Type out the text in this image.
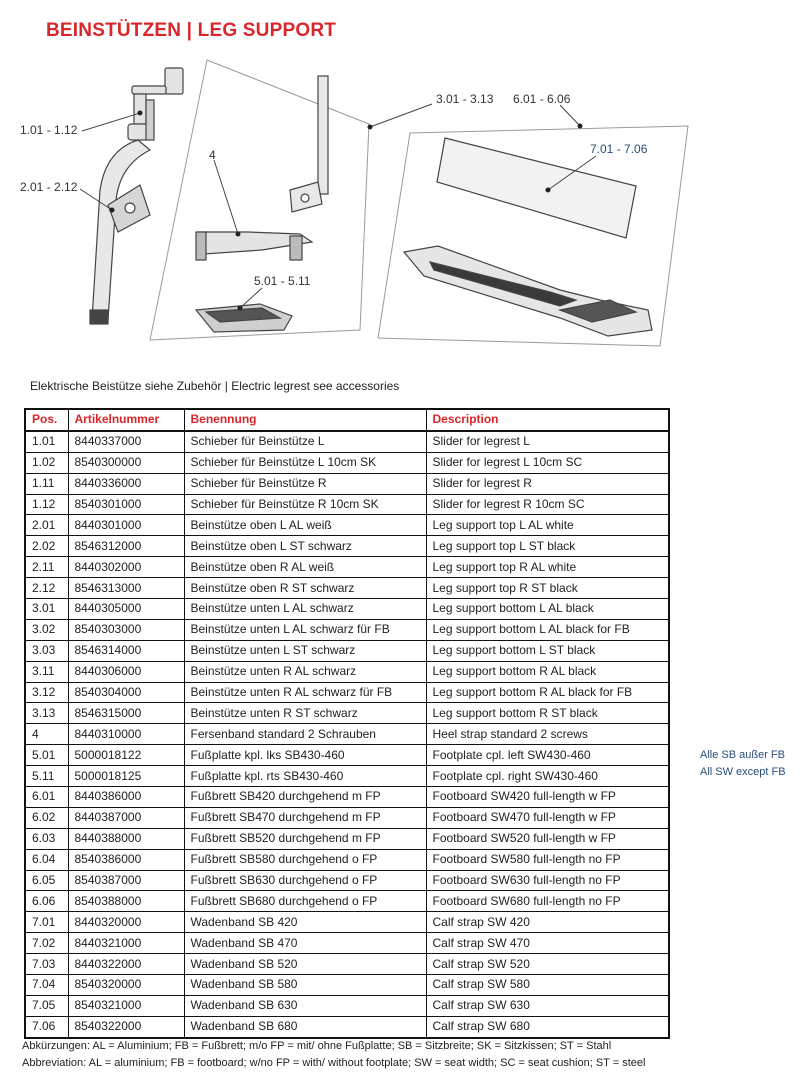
BEINSTÜTZEN | LEG SUPPORT
1.01 - 1.12
2.01 - 2.12
4
5.01 - 5.11
3.01 - 3.13 6.01 - 6.06
7.01 - 7.06
Elektrische Beistütze siehe Zubehör | Electric legrest see accessories
Pos.	Artikelnummer	Benennung	Description
1.01	8440337000	Schieber für Beinstütze L	Slider for legrest L
1.02	8540300000	Schieber für Beinstütze L 10cm SK	Slider for legrest L 10cm SC
1.11	8440336000	Schieber für Beinstütze R	Slider for legrest R
1.12	8540301000	Schieber für Beinstütze R 10cm SK	Slider for legrest R 10cm SC
2.01	8440301000	Beinstütze oben L AL weiß	Leg support top L AL white
2.02	8546312000	Beinstütze oben L ST schwarz	Leg support top L ST black
2.11	8440302000	Beinstütze oben R AL weiß	Leg support top R AL white
2.12	8546313000	Beinstütze oben R ST schwarz	Leg support top R ST black
3.01	8440305000	Beinstütze unten L AL schwarz	Leg support bottom L AL black
3.02	8540303000	Beinstütze unten L AL schwarz für FB	Leg support bottom L AL black for FB
3.03	8546314000	Beinstütze unten L ST schwarz	Leg support bottom L ST black
3.11	8440306000	Beinstütze unten R AL schwarz	Leg support bottom R AL black
3.12	8540304000	Beinstütze unten R AL schwarz für FB	Leg support bottom R AL black for FB
3.13	8546315000	Beinstütze unten R ST schwarz	Leg support bottom R ST black
4	8440310000	Fersenband standard 2 Schrauben	Heel strap standard 2 screws
5.01	5000018122	Fußplatte kpl. lks SB430-460	Footplate cpl. left SW430-460
5.11	5000018125	Fußplatte kpl. rts SB430-460	Footplate cpl. right SW430-460
6.01	8440386000	Fußbrett SB420 durchgehend m FP	Footboard SW420 full-length w FP
6.02	8440387000	Fußbrett SB470 durchgehend m FP	Footboard SW470 full-length w FP
6.03	8440388000	Fußbrett SB520 durchgehend m FP	Footboard SW520 full-length w FP
6.04	8540386000	Fußbrett SB580 durchgehend o FP	Footboard SW580 full-length no FP
6.05	8540387000	Fußbrett SB630 durchgehend o FP	Footboard SW630 full-length no FP
6.06	8540388000	Fußbrett SB680 durchgehend o FP	Footboard SW680 full-length no FP
7.01	8440320000	Wadenband SB 420	Calf strap SW 420
7.02	8440321000	Wadenband SB 470	Calf strap SW 470
7.03	8440322000	Wadenband SB 520	Calf strap SW 520
7.04	8540320000	Wadenband SB 580	Calf strap SW 580
7.05	8540321000	Wadenband SB 630	Calf strap SW 630
7.06	8540322000	Wadenband SB 680	Calf strap SW 680
Alle SB außer FB
All SW except FB
Abkürzungen: AL = Aluminium; FB = Fußbrett; m/o FP = mit/ ohne Fußplatte; SB = Sitzbreite; SK = Sitzkissen; ST = Stahl
Abbreviation: AL = aluminium; FB = footboard; w/no FP = with/ without footplate; SW = seat width; SC = seat cushion; ST = steel
